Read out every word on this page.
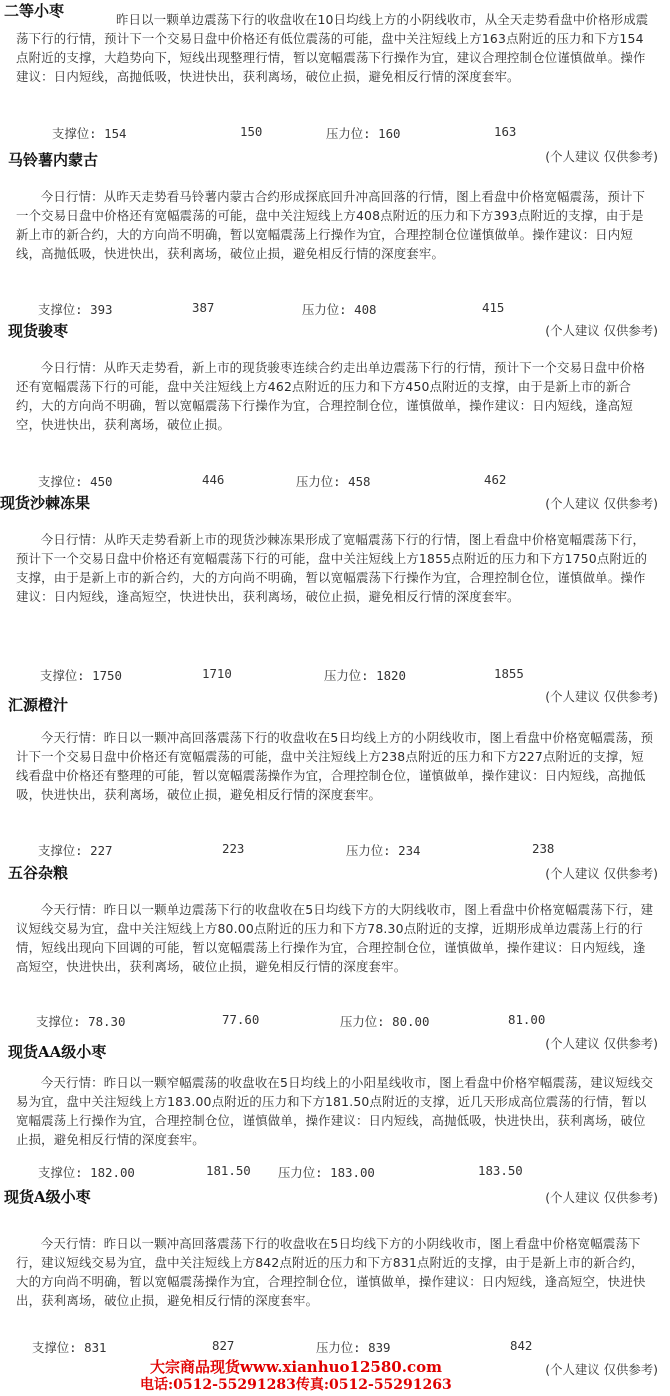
二等小枣	昨日以一颗单边震荡下行的收盘收在10日均线上方的小阴线收市，从全天走势看盘中价格形成震荡下行的行情，预计下一个交易日盘中价格还有低位震荡的可能，盘中关注短线上方163点附近的压力和下方154点附近的支撑，大趋势向下，短线出现整理行情，暂以宽幅震荡下行操作为宜，建议合理控制仓位谨慎做单。操作建议：日内短线，高抛低吸，快进快出，获利离场，破位止损，避免相反行情的深度套牢。

支撑位: 154	150	压力位: 160	163
(个人建议 仅供参考)
马铃薯内蒙古

今日行情：从昨天走势看马铃薯内蒙古合约形成探底回升冲高回落的行情，图上看盘中价格宽幅震荡，预计下一个交易日盘中价格还有宽幅震荡的可能，盘中关注短线上方408点附近的压力和下方393点附近的支撑，由于是新上市的新合约，大的方向尚不明确，暂以宽幅震荡上行操作为宜，合理控制仓位谨慎做单。操作建议：日内短线，高抛低吸，快进快出，获利离场，破位止损，避免相反行情的深度套牢。

支撑位: 393	387	压力位: 408	415
(个人建议 仅供参考)
现货骏枣

今日行情：从昨天走势看，新上市的现货骏枣连续合约走出单边震荡下行的行情，预计下一个交易日盘中价格还有宽幅震荡下行的可能，盘中关注短线上方462点附近的压力和下方450点附近的支撑，由于是新上市的新合约，大的方向尚不明确，暂以宽幅震荡下行操作为宜，合理控制仓位，谨慎做单，操作建议：日内短线，逢高短空，快进快出，获利离场，破位止损。

支撑位: 450	446	压力位: 458	462
现货沙棘冻果	(个人建议 仅供参考)

今日行情：从昨天走势看新上市的现货沙棘冻果形成了宽幅震荡下行的行情，图上看盘中价格宽幅震荡下行，预计下一个交易日盘中价格还有宽幅震荡下行的可能，盘中关注短线上方1855点附近的压力和下方1750点附近的支撑，由于是新上市的新合约，大的方向尚不明确，暂以宽幅震荡下行操作为宜，合理控制仓位，谨慎做单。操作建议：日内短线，逢高短空，快进快出，获利离场，破位止损，避免相反行情的深度套牢。

支撑位: 1750	1710	压力位: 1820	1855
(个人建议 仅供参考)
汇源橙汁

今天行情：昨日以一颗冲高回落震荡下行的收盘收在5日均线上方的小阴线收市，图上看盘中价格宽幅震荡，预计下一个交易日盘中价格还有宽幅震荡的可能，盘中关注短线上方238点附近的压力和下方227点附近的支撑，短线看盘中价格还有整理的可能，暂以宽幅震荡操作为宜，合理控制仓位，谨慎做单，操作建议：日内短线，高抛低吸，快进快出，获利离场，破位止损，避免相反行情的深度套牢。

支撑位: 227	223	压力位: 234	238
五谷杂粮	(个人建议 仅供参考)

今天行情：昨日以一颗单边震荡下行的收盘收在5日均线下方的大阴线收市，图上看盘中价格宽幅震荡下行，建议短线交易为宜，盘中关注短线上方80.00点附近的压力和下方78.30点附近的支撑，近期形成单边震荡上行的行情，短线出现向下回调的可能，暂以宽幅震荡上行操作为宜，合理控制仓位，谨慎做单，操作建议：日内短线，逢高短空，快进快出，获利离场，破位止损，避免相反行情的深度套牢。

支撑位: 78.30	77.60	压力位: 80.00	81.00
(个人建议 仅供参考)
现货AA级小枣

今天行情：昨日以一颗窄幅震荡的收盘收在5日均线上的小阳星线收市，图上看盘中价格窄幅震荡，建议短线交易为宜，盘中关注短线上方183.00点附近的压力和下方181.50点附近的支撑，近几天形成高位震荡的行情，暂以宽幅震荡上行操作为宜，合理控制仓位，谨慎做单，操作建议：日内短线，高抛低吸，快进快出，获利离场，破位止损，避免相反行情的深度套牢。

支撑位: 182.00	181.50 压力位: 183.00	183.50
现货A级小枣	(个人建议 仅供参考)

今天行情：昨日以一颗冲高回落震荡下行的收盘收在5日均线下方的小阴线收市，图上看盘中价格宽幅震荡下行，建议短线交易为宜，盘中关注短线上方842点附近的压力和下方831点附近的支撑，由于是新上市的新合约，大的方向尚不明确，暂以宽幅震荡操作为宜，合理控制仓位，谨慎做单，操作建议：日内短线，逢高短空，快进快出，获利离场，破位止损，避免相反行情的深度套牢。

支撑位: 831	827	压力位: 839	842
大宗商品现货www.xianhuo12580.com	(个人建议 仅供参考)
电话:0512-55291283传真:0512-55291263
